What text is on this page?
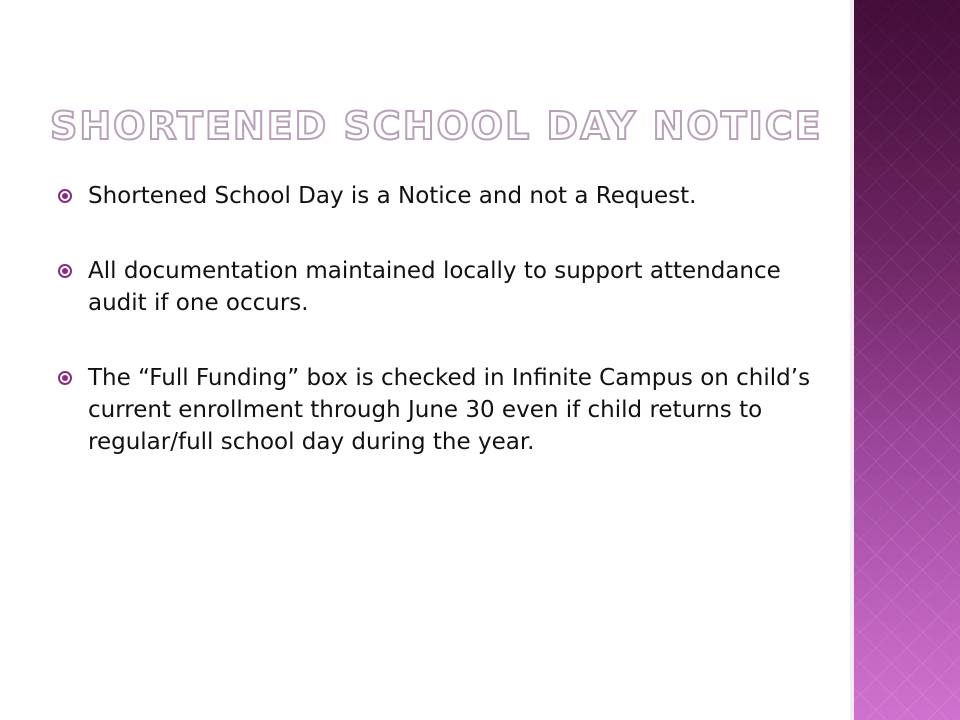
SHORTENED SCHOOL DAY NOTICE
Shortened School Day is a Notice and not a Request.
All documentation maintained locally to support attendance audit if one occurs.
The “Full Funding” box is checked in Infinite Campus on child’s current enrollment through June 30 even if child returns to regular/full school day during the year.
